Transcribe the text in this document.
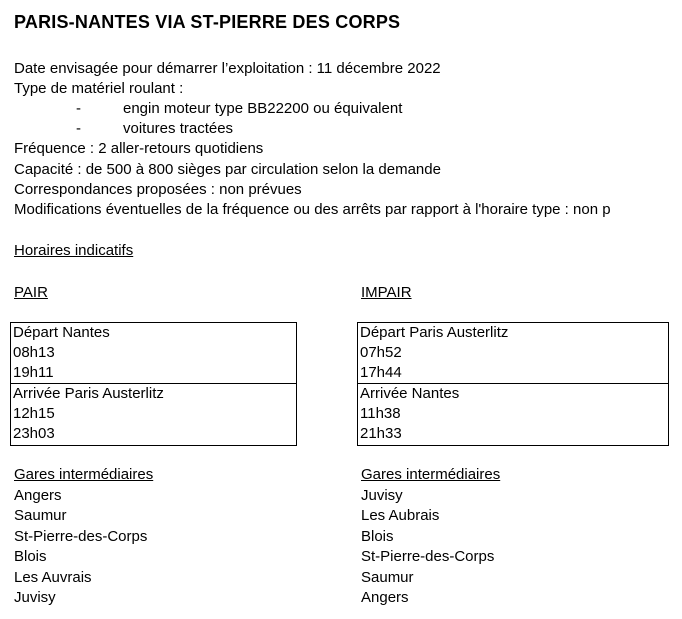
PARIS-NANTES VIA ST-PIERRE DES CORPS
Date envisagée pour démarrer l’exploitation : 11 décembre 2022
Type de matériel roulant :
-	engin moteur type BB22200 ou équivalent
-	voitures tractées
Fréquence : 2 aller-retours quotidiens
Capacité : de 500 à 800 sièges par circulation selon la demande
Correspondances proposées : non prévues
Modifications éventuelles de la fréquence ou des arrêts par rapport à l'horaire type : non p
Horaires indicatifs
PAIR	IMPAIR
Départ Nantes
08h13
19h11
Arrivée Paris Austerlitz
12h15
23h03
Départ Paris Austerlitz
07h52
17h44
Arrivée Nantes
11h38
21h33
Gares intermédiaires
Angers
Saumur
St-Pierre-des-Corps
Blois
Les Auvrais
Juvisy
Gares intermédiaires
Juvisy
Les Aubrais
Blois
St-Pierre-des-Corps
Saumur
Angers
